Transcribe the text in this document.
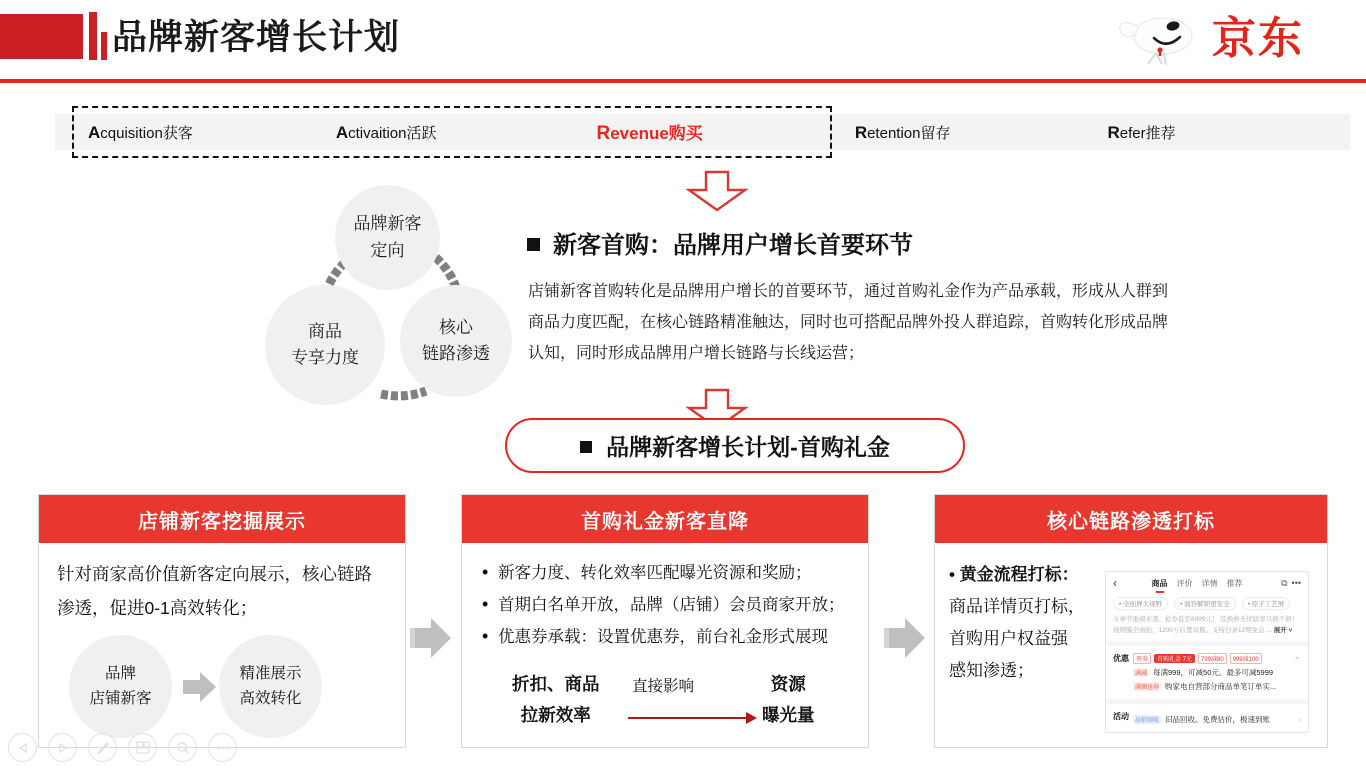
品牌新客增长计划	京东
Acquisition获客	Activaition活跃	Revenue购买	Retention留存	Refer推荐
品牌新客
定向
商品
专享力度
核心
链路渗透
新客首购：品牌用户增长首要环节
店铺新客首购转化是品牌用户增长的首要环节，通过首购礼金作为产品承载，形成从人群到商品力度匹配，在核心链路精准触达，同时也可搭配品牌外投人群追踪，首购转化形成品牌认知，同时形成品牌用户增长链路与长线运营；
品牌新客增长计划-首购礼金
店铺新客挖掘展示
针对商家高价值新客定向展示，核心链路渗透，促进0-1高效转化；
品牌
店铺新客
精准展示
高效转化
首购礼金新客直降
• 新客力度、转化效率匹配曝光资源和奖励；
• 首期白名单开放，品牌（店铺）会员商家开放；
• 优惠券承载：设置优惠券，前台礼金形式展现
折扣、商品
拉新效率
直接影响	资源
曝光量
核心链路渗透打标
• 黄金流程打标：
商品详情页打标，
首购用户权益强
感知渗透；
‹	商品 评价 详情 推荐	⧉ •••
• 全面屏大视野	• 面容解锁更安全	• 原子工艺屏
女神节重磅来袭。抢券低至8999元！ 选换修无忧版享只换不修！
视网膜全面拍、1200万后置双摄。支持白条12期免息 ... 展开 ˅
优惠	领券	首购礼金 7元	799减80	999减100	·▪·
满减 每满999，可减50元。最多可减5999
满额送券 购家电自营部分商品单笔订单实...
活动	高价回收 旧品回收。免费估价，极速到账	›
